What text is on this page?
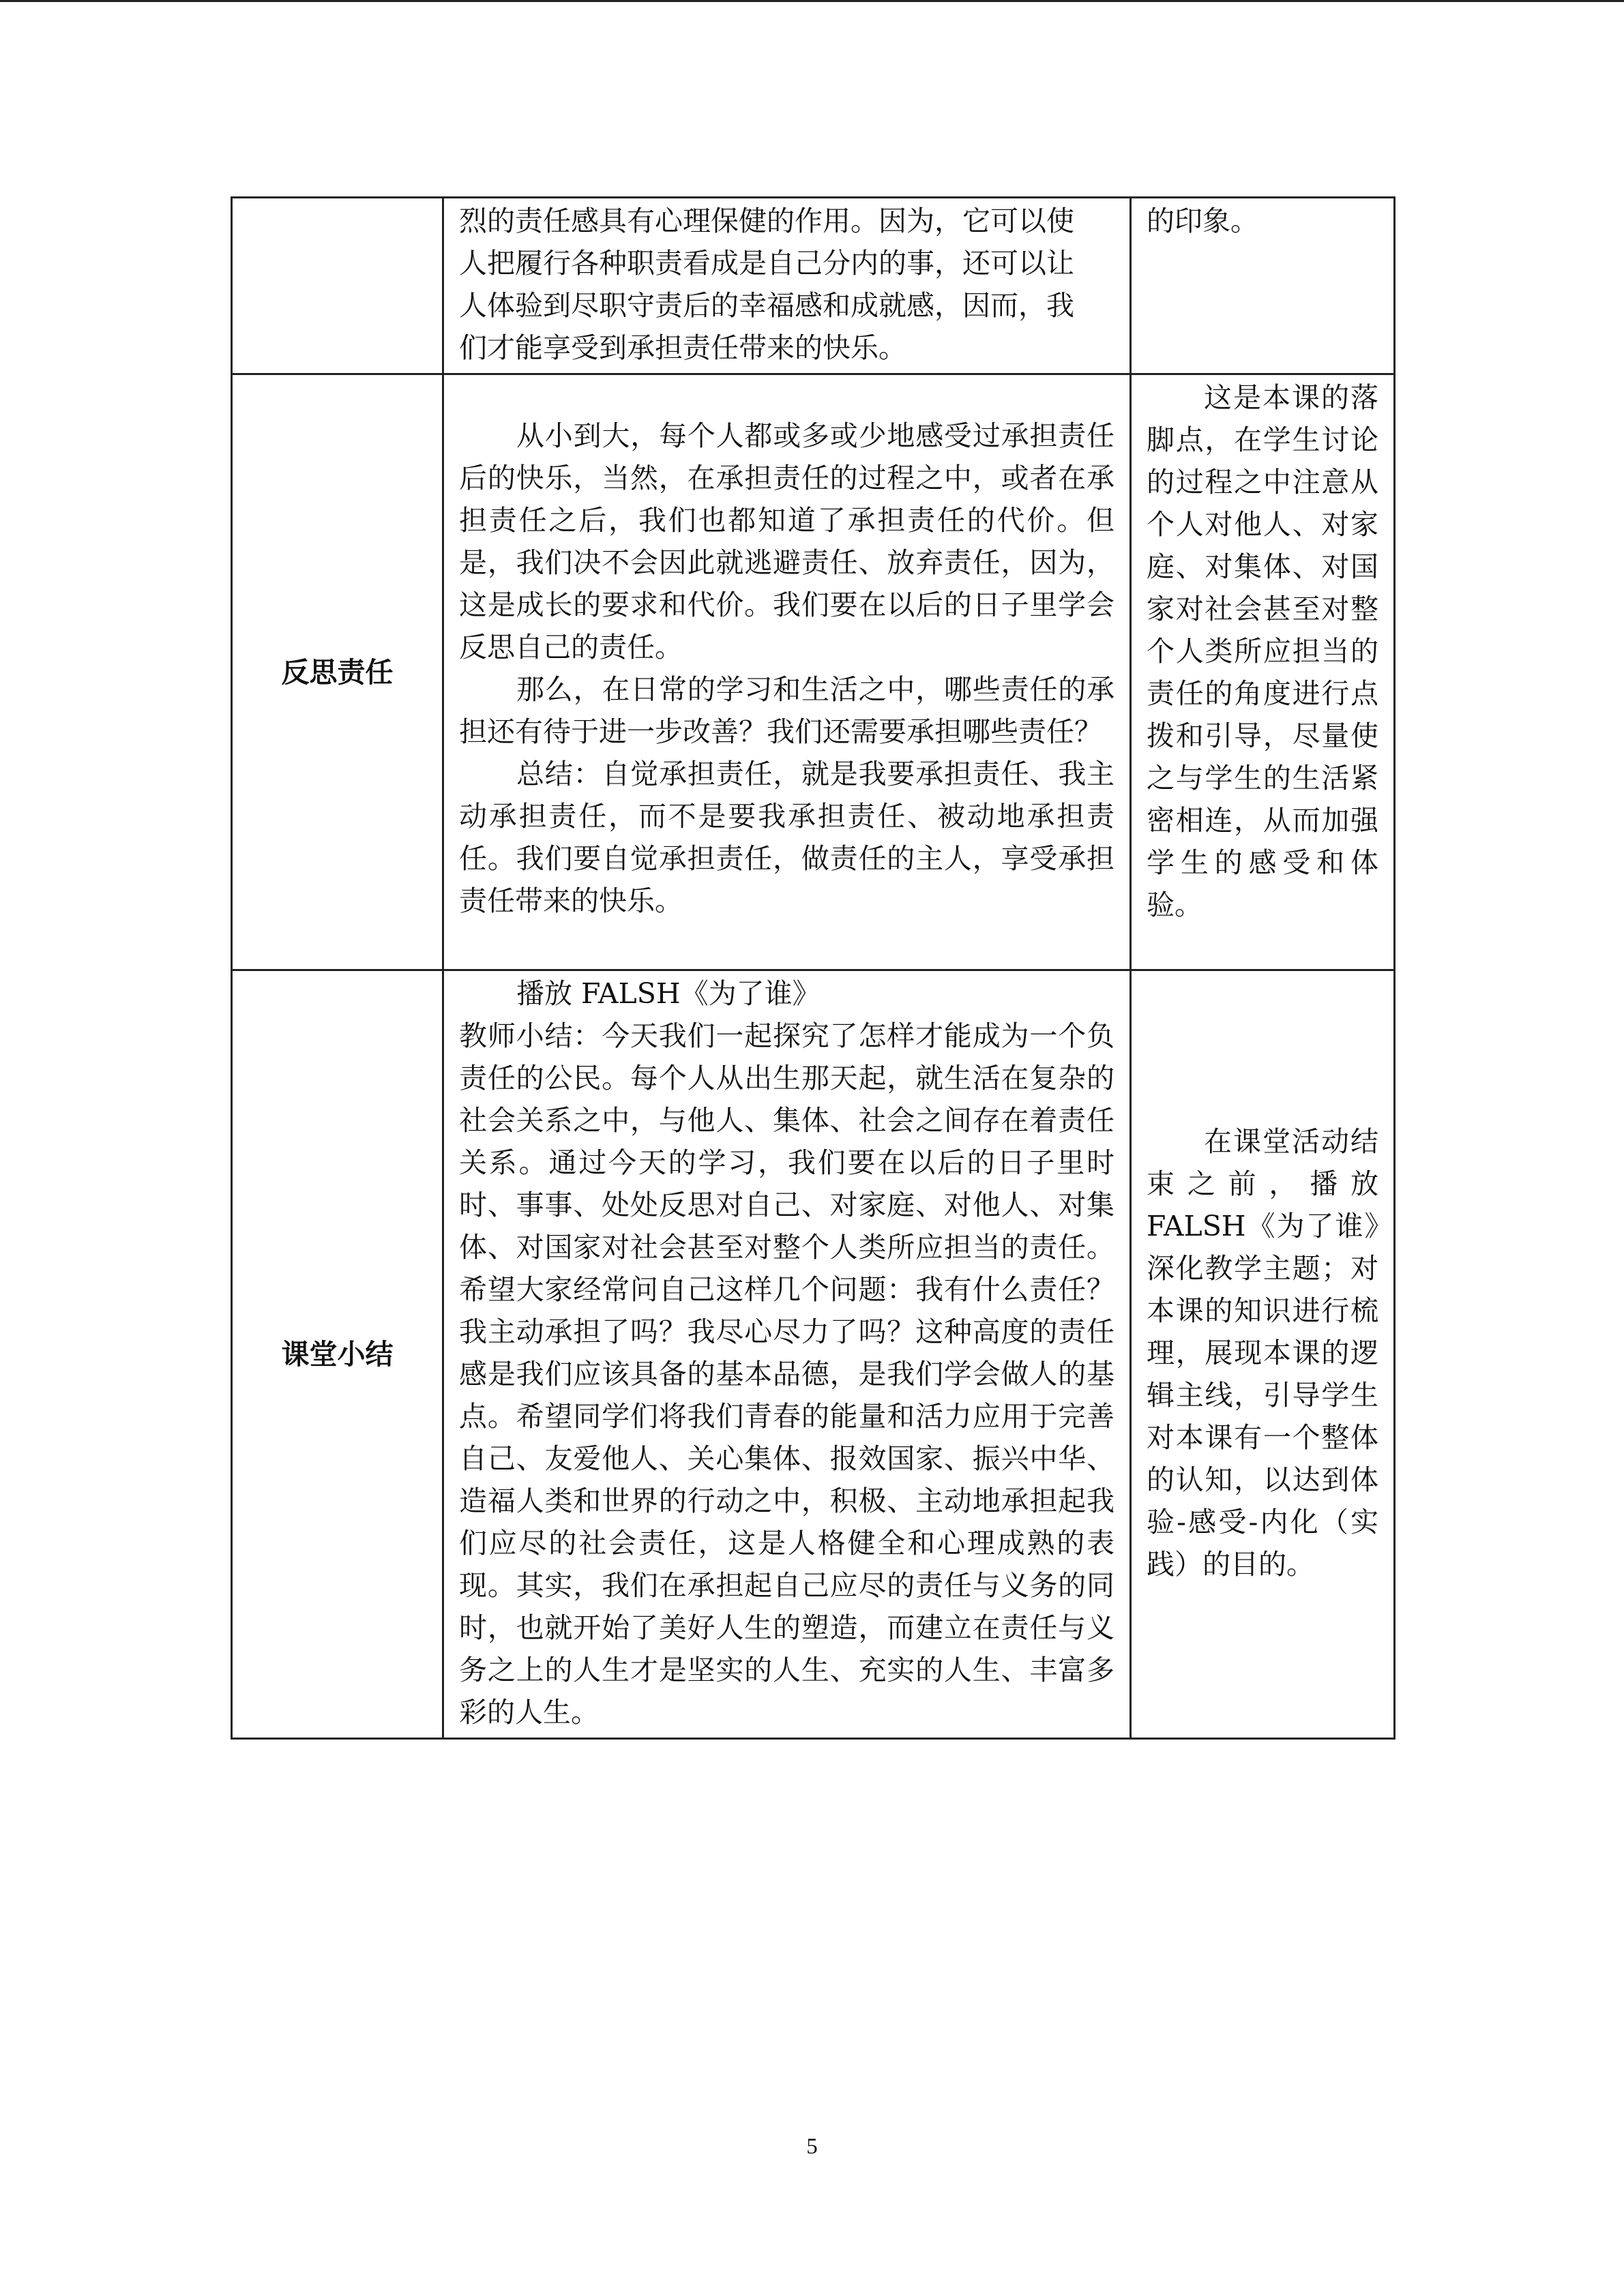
	烈的责任感具有心理保健的作用。因为，它可以使
人把履行各种职责看成是自己分内的事，还可以让
人体验到尽职守责后的幸福感和成就感，因而，我
们才能享受到承担责任带来的快乐。	的印象。

反思责任	从小到大，每个人都或多或少地感受过承担责任后的快乐，当然，在承担责任的过程之中，或者在承担责任之后，我们也都知道了承担责任的代价。但是，我们决不会因此就逃避责任、放弃责任，因为，这是成长的要求和代价。我们要在以后的日子里学会反思自己的责任。
那么，在日常的学习和生活之中，哪些责任的承担还有待于进一步改善？我们还需要承担哪些责任？
总结：自觉承担责任，就是我要承担责任、我主动承担责任，而不是要我承担责任、被动地承担责任。我们要自觉承担责任，做责任的主人，享受承担责任带来的快乐。	这是本课的落脚点，在学生讨论的过程之中注意从个人对他人、对家庭、对集体、对国家对社会甚至对整个人类所应担当的责任的角度进行点拨和引导，尽量使之与学生的生活紧密相连，从而加强学生的感受和体验。

课堂小结	播放 FALSH《为了谁》
教师小结：今天我们一起探究了怎样才能成为一个负责任的公民。每个人从出生那天起，就生活在复杂的社会关系之中，与他人、集体、社会之间存在着责任关系。通过今天的学习，我们要在以后的日子里时时、事事、处处反思对自己、对家庭、对他人、对集体、对国家对社会甚至对整个人类所应担当的责任。希望大家经常问自己这样几个问题：我有什么责任？我主动承担了吗？我尽心尽力了吗？这种高度的责任感是我们应该具备的基本品德，是我们学会做人的基点。希望同学们将我们青春的能量和活力应用于完善自己、友爱他人、关心集体、报效国家、振兴中华、造福人类和世界的行动之中，积极、主动地承担起我们应尽的社会责任，这是人格健全和心理成熟的表现。其实，我们在承担起自己应尽的责任与义务的同时，也就开始了美好人生的塑造，而建立在责任与义务之上的人生才是坚实的人生、充实的人生、丰富多彩的人生。	在课堂活动结束之前，播放 FALSH《为了谁》深化教学主题；对本课的知识进行梳理，展现本课的逻辑主线，引导学生对本课有一个整体的认知，以达到体验-感受-内化（实践）的目的。
5
